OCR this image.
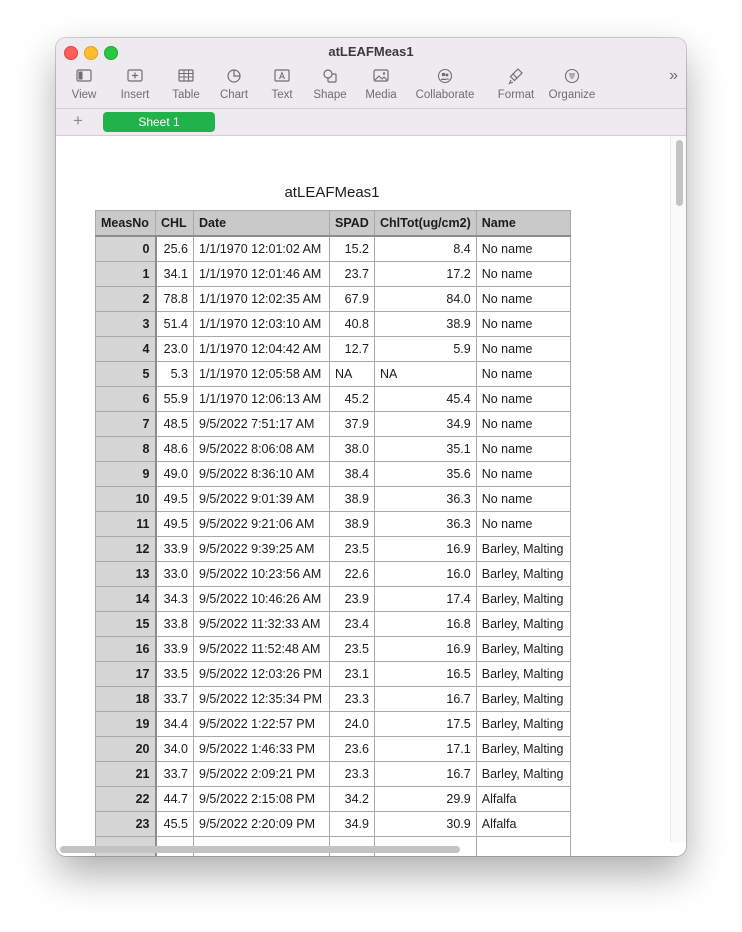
atLEAFMeas1
View Insert Table Chart	Text	Shape Media Collaborate Format Organize
»
+	Sheet 1
atLEAFMeas1
MeasNo	CHL	Date	SPAD	ChlTot(ug/cm2)	Name
0	25.6	1/1/1970 12:01:02 AM	15.2	8.4	No name
1	34.1	1/1/1970 12:01:46 AM	23.7	17.2	No name
2	78.8	1/1/1970 12:02:35 AM	67.9	84.0	No name
3	51.4	1/1/1970 12:03:10 AM	40.8	38.9	No name
4	23.0	1/1/1970 12:04:42 AM	12.7	5.9	No name
5	5.3	1/1/1970 12:05:58 AM	NA	NA	No name
6	55.9	1/1/1970 12:06:13 AM	45.2	45.4	No name
7	48.5	9/5/2022 7:51:17 AM	37.9	34.9	No name
8	48.6	9/5/2022 8:06:08 AM	38.0	35.1	No name
9	49.0	9/5/2022 8:36:10 AM	38.4	35.6	No name
10	49.5	9/5/2022 9:01:39 AM	38.9	36.3	No name
11	49.5	9/5/2022 9:21:06 AM	38.9	36.3	No name
12	33.9	9/5/2022 9:39:25 AM	23.5	16.9	Barley, Malting
13	33.0	9/5/2022 10:23:56 AM	22.6	16.0	Barley, Malting
14	34.3	9/5/2022 10:46:26 AM	23.9	17.4	Barley, Malting
15	33.8	9/5/2022 11:32:33 AM	23.4	16.8	Barley, Malting
16	33.9	9/5/2022 11:52:48 AM	23.5	16.9	Barley, Malting
17	33.5	9/5/2022 12:03:26 PM	23.1	16.5	Barley, Malting
18	33.7	9/5/2022 12:35:34 PM	23.3	16.7	Barley, Malting
19	34.4	9/5/2022 1:22:57 PM	24.0	17.5	Barley, Malting
20	34.0	9/5/2022 1:46:33 PM	23.6	17.1	Barley, Malting
21	33.7	9/5/2022 2:09:21 PM	23.3	16.7	Barley, Malting
22	44.7	9/5/2022 2:15:08 PM	34.2	29.9	Alfalfa
23	45.5	9/5/2022 2:20:09 PM	34.9	30.9	Alfalfa
